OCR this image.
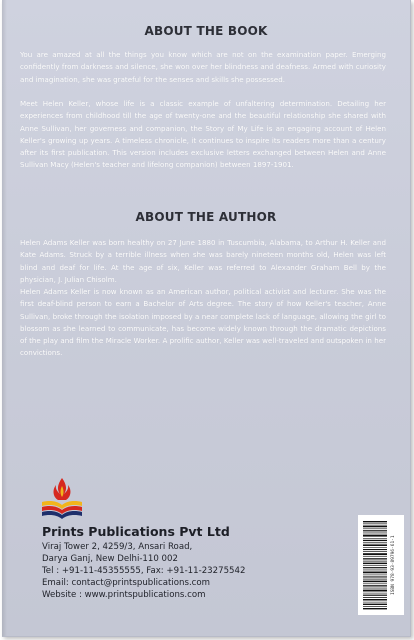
ABOUT THE BOOK
You are amazed at all the things you know which are not on the examination paper. Emerging confidently from darkness and silence, she won over her blindness and deafness. Armed with curiosity and imagination, she was grateful for the senses and skills she possessed.
Meet Helen Keller, whose life is a classic example of unfaltering determination. Detailing her experiences from childhood till the age of twenty-one and the beautiful relationship she shared with Anne Sullivan, her governess and companion, the Story of My Life is an engaging account of Helen Keller's growing up years. A timeless chronicle, it continues to inspire its readers more than a century after its first publication. This version includes exclusive letters exchanged between Helen and Anne Sullivan Macy (Helen's teacher and lifelong companion) between 1897-1901.
ABOUT THE AUTHOR
Helen Adams Keller was born healthy on 27 June 1880 in Tuscumbia, Alabama, to Arthur H. Keller and Kate Adams. Struck by a terrible illness when she was barely nineteen months old, Helen was left blind and deaf for life. At the age of six, Keller was referred to Alexander Graham Bell by the physician, J. Julian Chisolm.
Helen Adams Keller is now known as an American author, political activist and lecturer. She was the first deaf-blind person to earn a Bachelor of Arts degree. The story of how Keller's teacher, Anne Sullivan, broke through the isolation imposed by a near complete lack of language, allowing the girl to blossom as she learned to communicate, has become widely known through the dramatic depictions of the play and film the Miracle Worker. A prolific author, Keller was well-traveled and outspoken in her convictions.
Prints Publications Pvt Ltd
Viraj Tower 2, 4259/3, Ansari Road,
Darya Ganj, New Delhi-110 002
Tel : +91-11-45355555, Fax: +91-11-23275542
Email: contact@printspublications.com
Website : www.printspublications.com
ISBN 978-93-89796-61-1
